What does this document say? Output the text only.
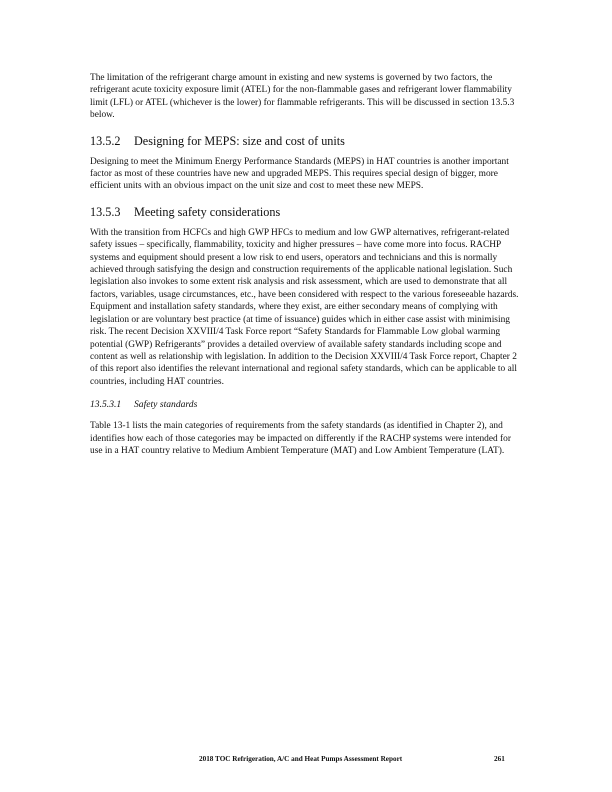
The limitation of the refrigerant charge amount in existing and new systems is governed by two factors, the refrigerant acute toxicity exposure limit (ATEL) for the non-flammable gases and refrigerant lower flammability limit (LFL) or ATEL (whichever is the lower) for flammable refrigerants. This will be discussed in section 13.5.3 below.

13.5.2 Designing for MEPS: size and cost of units

Designing to meet the Minimum Energy Performance Standards (MEPS) in HAT countries is another important factor as most of these countries have new and upgraded MEPS. This requires special design of bigger, more efficient units with an obvious impact on the unit size and cost to meet these new MEPS.

13.5.3 Meeting safety considerations

With the transition from HCFCs and high GWP HFCs to medium and low GWP alternatives, refrigerant-related safety issues – specifically, flammability, toxicity and higher pressures – have come more into focus. RACHP systems and equipment should present a low risk to end users, operators and technicians and this is normally achieved through satisfying the design and construction requirements of the applicable national legislation. Such legislation also invokes to some extent risk analysis and risk assessment, which are used to demonstrate that all factors, variables, usage circumstances, etc., have been considered with respect to the various foreseeable hazards. Equipment and installation safety standards, where they exist, are either secondary means of complying with legislation or are voluntary best practice (at time of issuance) guides which in either case assist with minimising risk. The recent Decision XXVIII/4 Task Force report “Safety Standards for Flammable Low global warming potential (GWP) Refrigerants” provides a detailed overview of available safety standards including scope and content as well as relationship with legislation. In addition to the Decision XXVIII/4 Task Force report, Chapter 2 of this report also identifies the relevant international and regional safety standards, which can be applicable to all countries, including HAT countries.

13.5.3.1 Safety standards

Table 13-1 lists the main categories of requirements from the safety standards (as identified in Chapter 2), and identifies how each of those categories may be impacted on differently if the RACHP systems were intended for use in a HAT country relative to Medium Ambient Temperature (MAT) and Low Ambient Temperature (LAT).

2018 TOC Refrigeration, A/C and Heat Pumps Assessment Report	261
